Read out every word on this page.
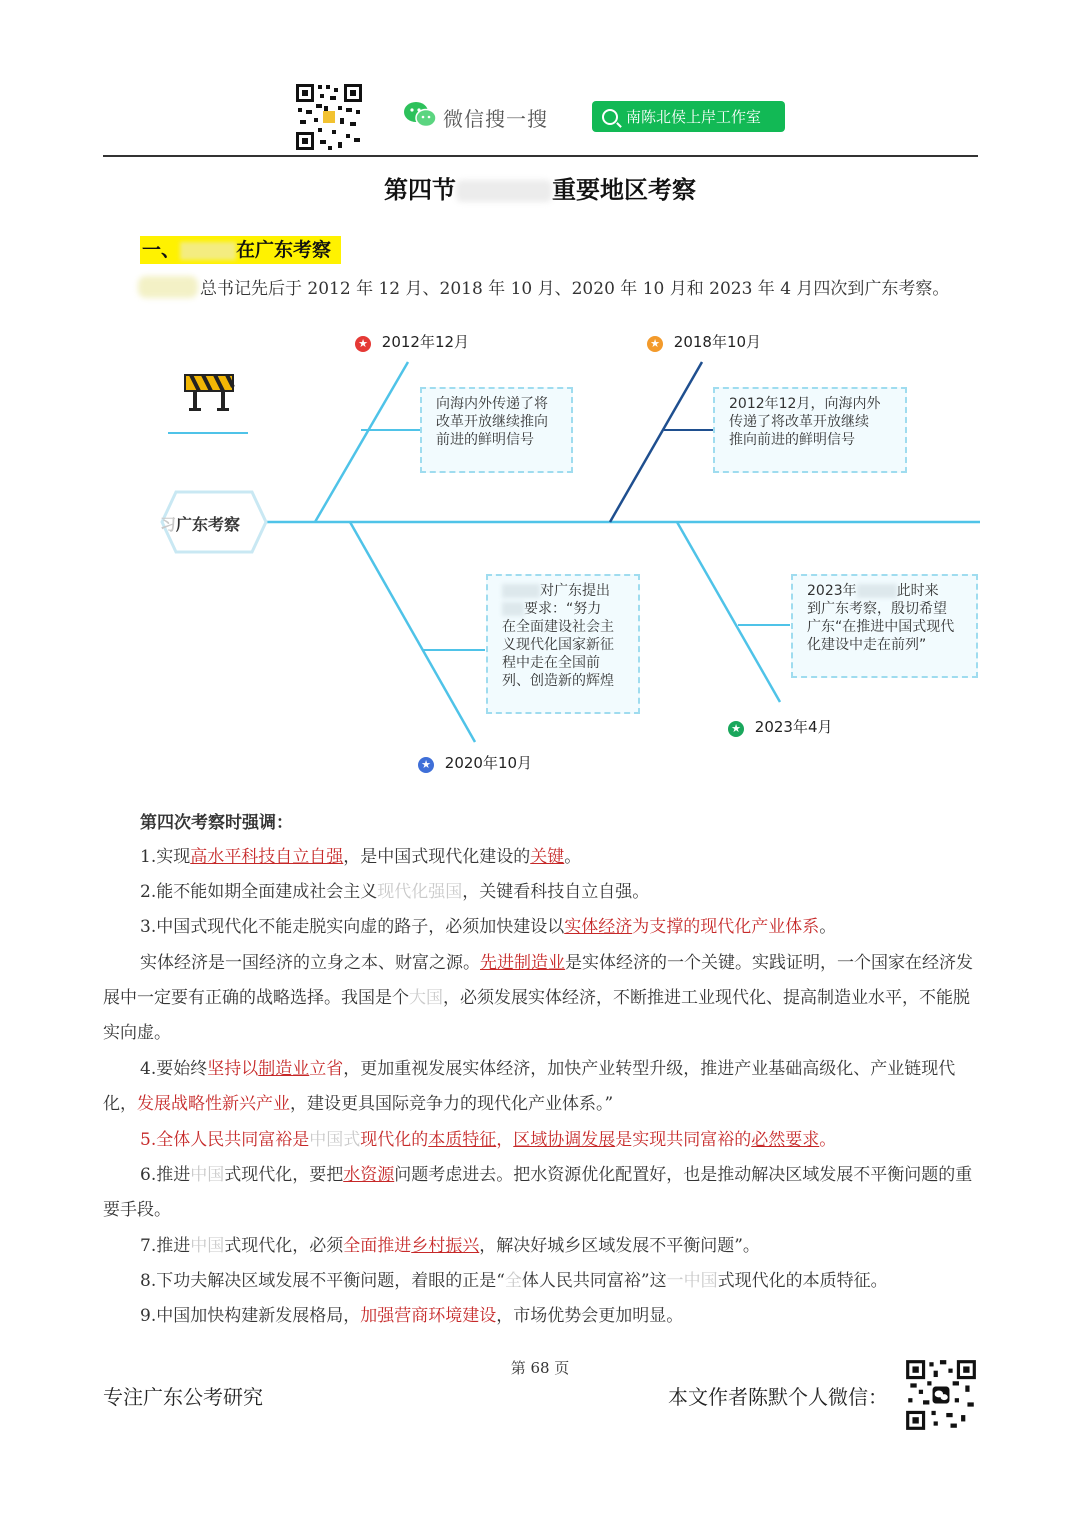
微信搜一搜	南陈北侯上岸工作室
第四节	重要地区考察
一、	在广东考察
总书记先后于 2012 年 12 月、2018 年 10 月、2020 年 10 月和 2023 年 4 月四次到广东考察。
习广东考察
★ 2012年12月	★ 2018年10月
★ 2020年10月
★ 2023年4月
向海内外传递了将
改革开放继续推向
前进的鲜明信号
2012年12月，向海内外
传递了将改革开放继续
推向前进的鲜明信号
对广东提出
要求：“努力
在全面建设社会主
义现代化国家新征
程中走在全国前
列、创造新的辉煌
2023年	此时来
到广东考察，殷切希望
广东“在推进中国式现代
化建设中走在前列”
第四次考察时强调：
1.实现高水平科技自立自强，是中国式现代化建设的关键。
2.能不能如期全面建成社会主义现代化强国，关键看科技自立自强。
3.中国式现代化不能走脱实向虚的路子，必须加快建设以实体经济为支撑的现代化产业体系。
实体经济是一国经济的立身之本、财富之源。先进制造业是实体经济的一个关键。实践证明，一个国家在经济发展中一定要有正确的战略选择。我国是个大国，必须发展实体经济，不断推进工业现代化、提高制造业水平，不能脱实向虚。
4.要始终坚持以制造业立省，更加重视发展实体经济，加快产业转型升级，推进产业基础高级化、产业链现代化，发展战略性新兴产业，建设更具国际竞争力的现代化产业体系。”
5.全体人民共同富裕是中国式现代化的本质特征，区域协调发展是实现共同富裕的必然要求。
6.推进中国式现代化，要把水资源问题考虑进去。把水资源优化配置好，也是推动解决区域发展不平衡问题的重要手段。
7.推进中国式现代化，必须全面推进乡村振兴，解决好城乡区域发展不平衡问题”。
8.下功夫解决区域发展不平衡问题，着眼的正是“全体人民共同富裕”这一中国式现代化的本质特征。
9.中国加快构建新发展格局，加强营商环境建设，市场优势会更加明显。
第 68 页
专注广东公考研究	本文作者陈默个人微信：
